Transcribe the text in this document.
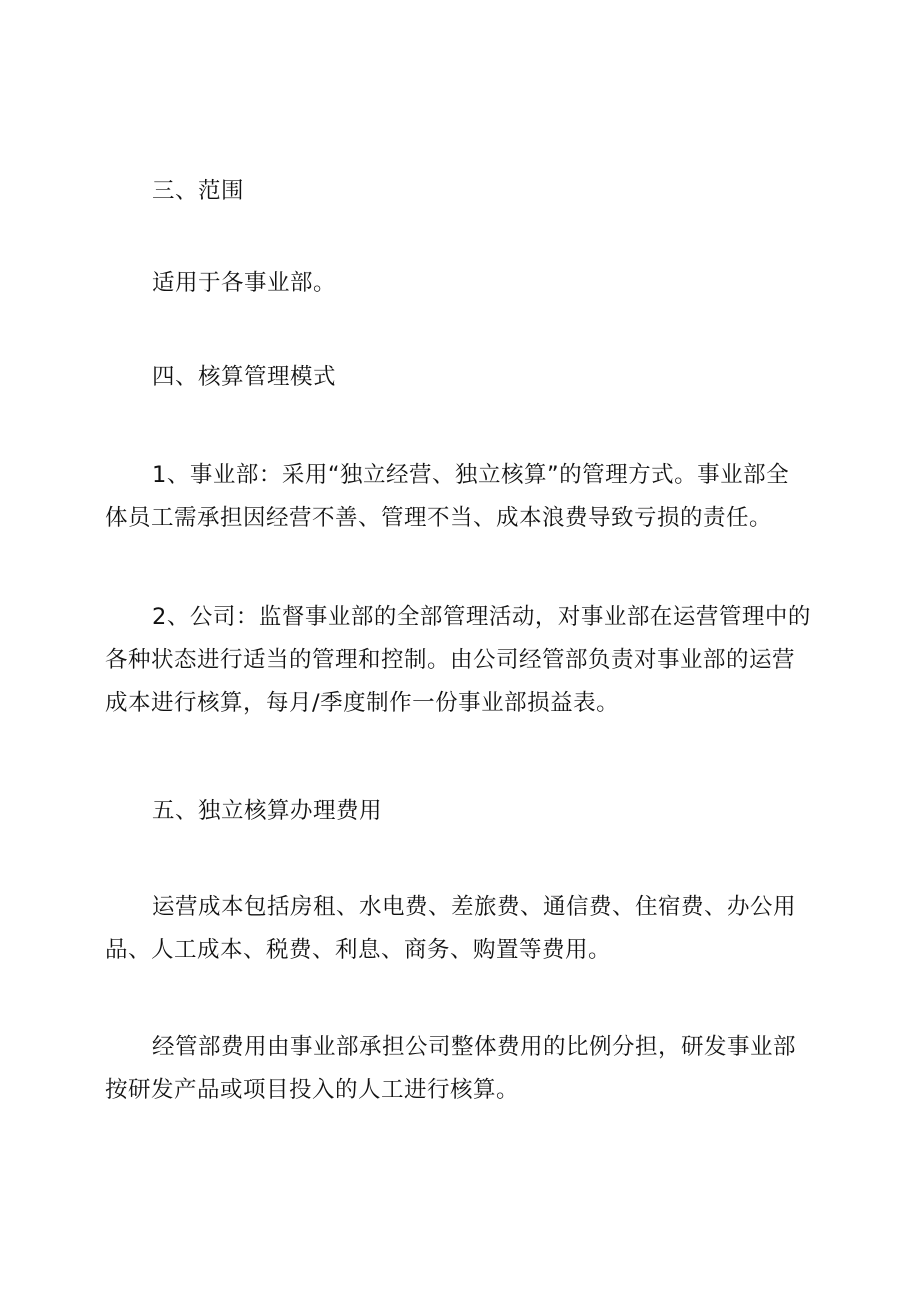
三、范围

适用于各事业部。

四、核算管理模式

1、事业部：采用“独立经营、独立核算”的管理方式。事业部全
体员工需承担因经营不善、管理不当、成本浪费导致亏损的责任。

2、公司：监督事业部的全部管理活动，对事业部在运营管理中的
各种状态进行适当的管理和控制。由公司经管部负责对事业部的运营
成本进行核算，每月/季度制作一份事业部损益表。

五、独立核算办理费用

运营成本包括房租、水电费、差旅费、通信费、住宿费、办公用
品、人工成本、税费、利息、商务、购置等费用。

经管部费用由事业部承担公司整体费用的比例分担，研发事业部
按研发产品或项目投入的人工进行核算。
